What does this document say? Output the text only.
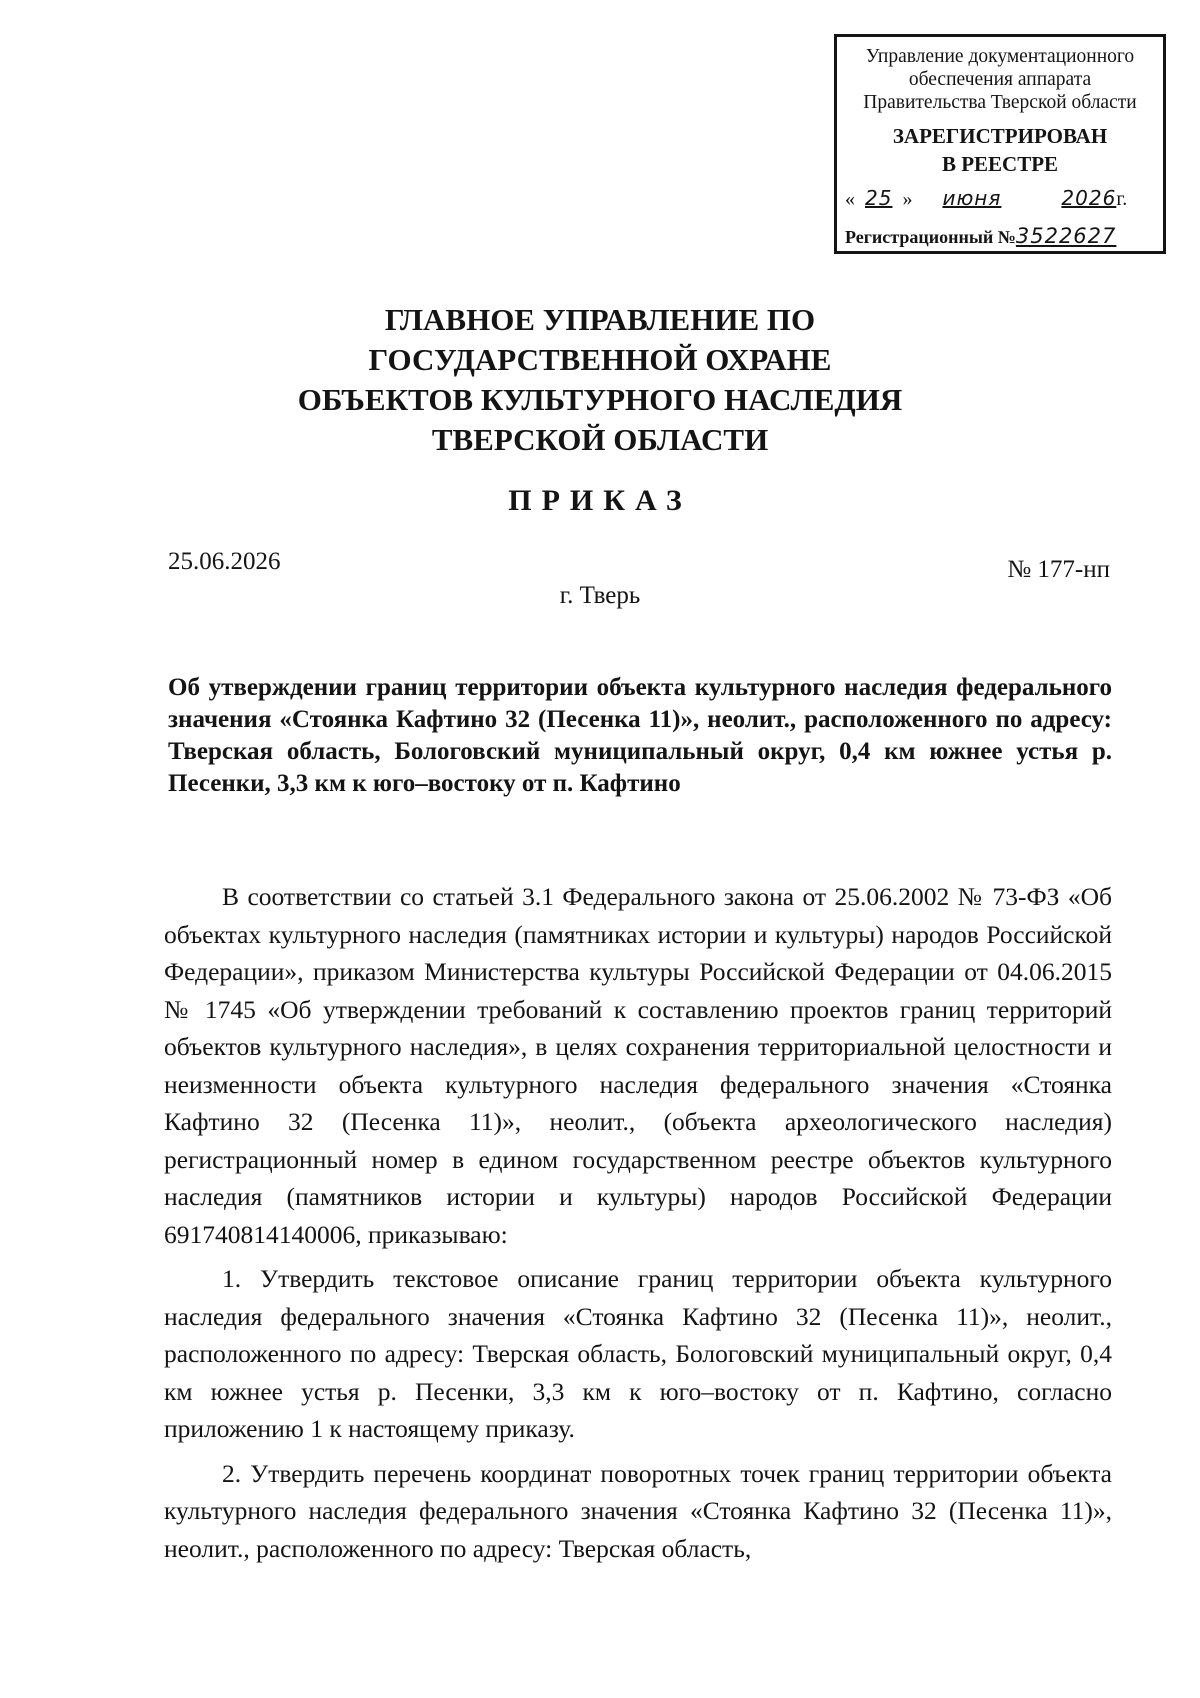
Управление документационного
обеспечения аппарата
Правительства Тверской области
ЗАРЕГИСТРИРОВАН
В РЕЕСТРЕ
« 25 » июня	2026г.
Регистрационный №3522627
ГЛАВНОЕ УПРАВЛЕНИЕ ПО
ГОСУДАРСТВЕННОЙ ОХРАНЕ
ОБЪЕКТОВ КУЛЬТУРНОГО НАСЛЕДИЯ
ТВЕРСКОЙ ОБЛАСТИ
ПРИКАЗ
25.06.2026	№ 177-нп
г. Тверь
Об утверждении границ территории объекта культурного наследия федерального значения «Стоянка Кафтино 32 (Песенка 11)», неолит., расположенного по адресу: Тверская область, Бологовский муниципальный округ, 0,4 км южнее устья р. Песенки, 3,3 км к юго–востоку от п. Кафтино

В соответствии со статьей 3.1 Федерального закона от 25.06.2002 № 73-ФЗ «Об объектах культурного наследия (памятниках истории и культуры) народов Российской Федерации», приказом Министерства культуры Российской Федерации от 04.06.2015 № 1745 «Об утверждении требований к составлению проектов границ территорий объектов культурного наследия», в целях сохранения территориальной целостности и неизменности объекта культурного наследия федерального значения «Стоянка Кафтино 32 (Песенка 11)», неолит., (объекта археологического наследия) регистрационный номер в едином государственном реестре объектов культурного наследия (памятников истории и культуры) народов Российской Федерации 691740814140006, приказываю:

1. Утвердить текстовое описание границ территории объекта культурного наследия федерального значения «Стоянка Кафтино 32 (Песенка 11)», неолит., расположенного по адресу: Тверская область, Бологовский муниципальный округ, 0,4 км южнее устья р. Песенки, 3,3 км к юго–востоку от п. Кафтино, согласно приложению 1 к настоящему приказу.

2. Утвердить перечень координат поворотных точек границ территории объекта культурного наследия федерального значения «Стоянка Кафтино 32 (Песенка 11)», неолит., расположенного по адресу: Тверская область,
